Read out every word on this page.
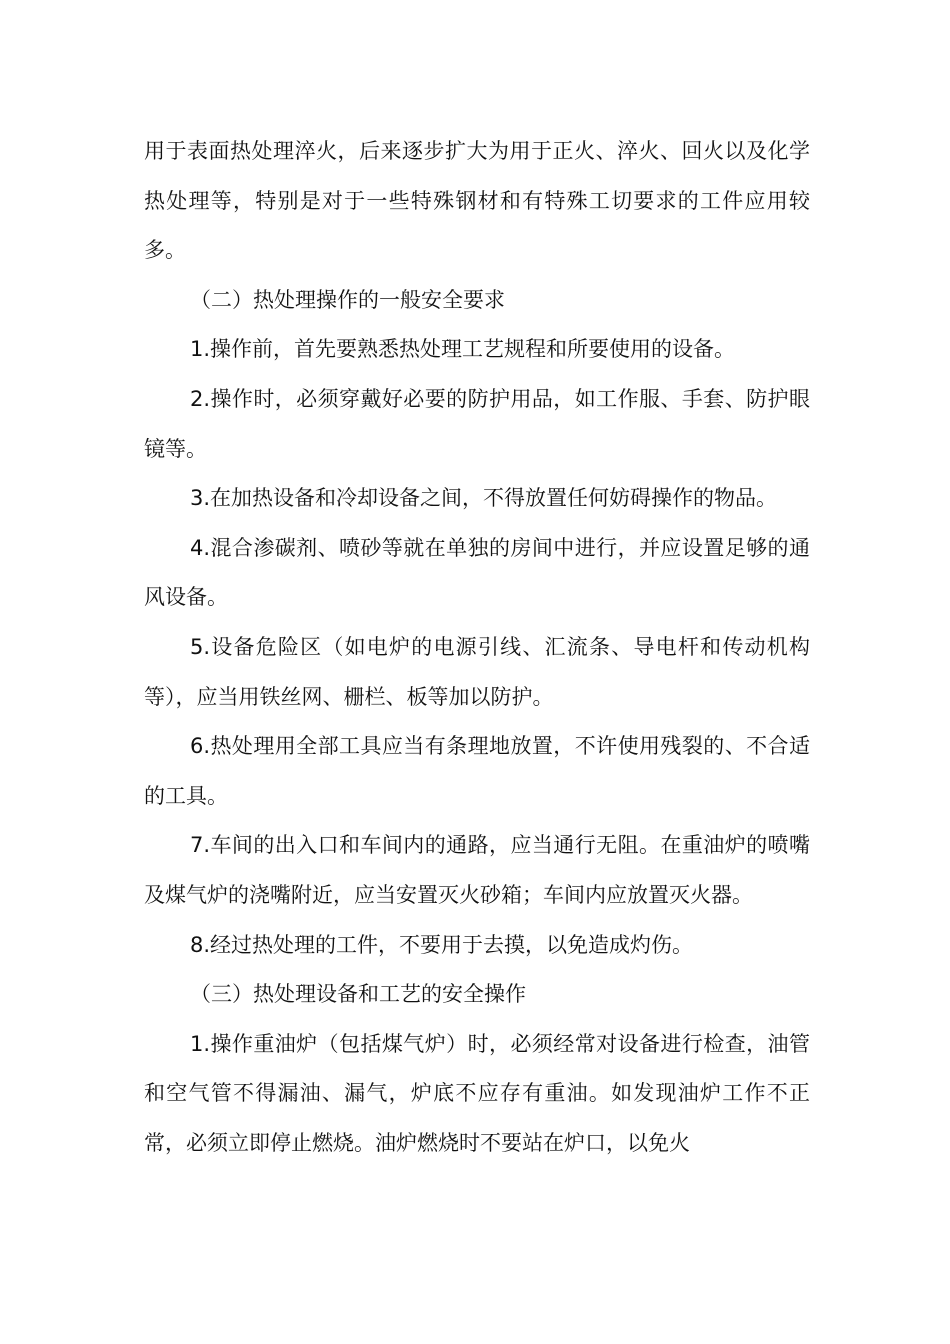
用于表面热处理淬火，后来逐步扩大为用于正火、淬火、回火以及化学热处理等，特别是对于一些特殊钢材和有特殊工切要求的工件应用较多。

（二）热处理操作的一般安全要求

1.操作前，首先要熟悉热处理工艺规程和所要使用的设备。

2.操作时，必须穿戴好必要的防护用品，如工作服、手套、防护眼镜等。

3.在加热设备和冷却设备之间，不得放置任何妨碍操作的物品。

4.混合渗碳剂、喷砂等就在单独的房间中进行，并应设置足够的通风设备。

5.设备危险区（如电炉的电源引线、汇流条、导电杆和传动机构等），应当用铁丝网、栅栏、板等加以防护。

6.热处理用全部工具应当有条理地放置，不许使用残裂的、不合适的工具。

7.车间的出入口和车间内的通路，应当通行无阻。在重油炉的喷嘴及煤气炉的浇嘴附近，应当安置灭火砂箱；车间内应放置灭火器。

8.经过热处理的工件，不要用于去摸，以免造成灼伤。

（三）热处理设备和工艺的安全操作

1.操作重油炉（包括煤气炉）时，必须经常对设备进行检查，油管和空气管不得漏油、漏气，炉底不应存有重油。如发现油炉工作不正常，必须立即停止燃烧。油炉燃烧时不要站在炉口，以免火
